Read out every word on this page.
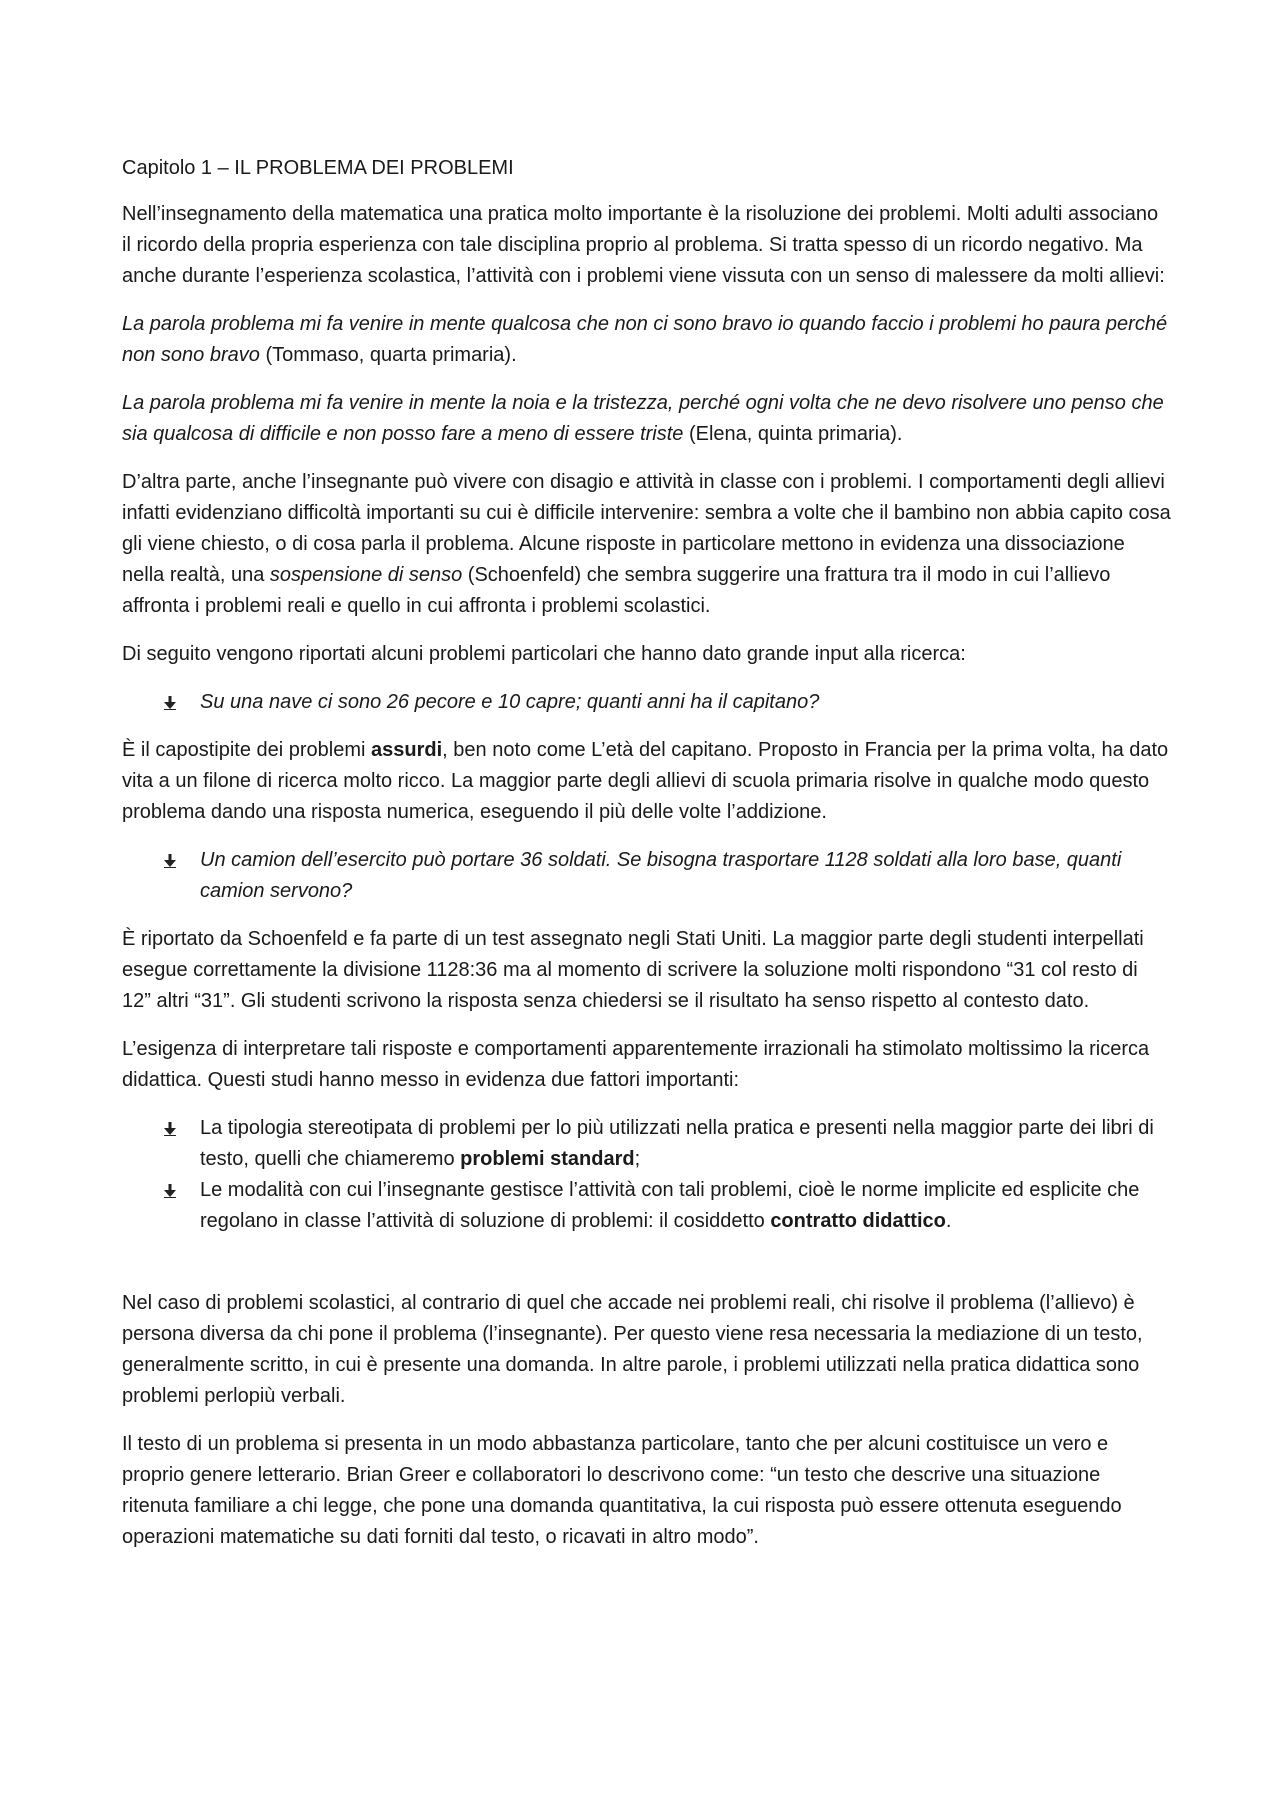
Capitolo 1 – IL PROBLEMA DEI PROBLEMI

Nell’insegnamento della matematica una pratica molto importante è la risoluzione dei problemi. Molti adulti associano il ricordo della propria esperienza con tale disciplina proprio al problema. Si tratta spesso di un ricordo negativo. Ma anche durante l’esperienza scolastica, l’attività con i problemi viene vissuta con un senso di malessere da molti allievi:

La parola problema mi fa venire in mente qualcosa che non ci sono bravo io quando faccio i problemi ho paura perché non sono bravo (Tommaso, quarta primaria).

La parola problema mi fa venire in mente la noia e la tristezza, perché ogni volta che ne devo risolvere uno penso che sia qualcosa di difficile e non posso fare a meno di essere triste (Elena, quinta primaria).

D’altra parte, anche l’insegnante può vivere con disagio e attività in classe con i problemi. I comportamenti degli allievi infatti evidenziano difficoltà importanti su cui è difficile intervenire: sembra a volte che il bambino non abbia capito cosa gli viene chiesto, o di cosa parla il problema. Alcune risposte in particolare mettono in evidenza una dissociazione nella realtà, una sospensione di senso (Schoenfeld) che sembra suggerire una frattura tra il modo in cui l’allievo affronta i problemi reali e quello in cui affronta i problemi scolastici.

Di seguito vengono riportati alcuni problemi particolari che hanno dato grande input alla ricerca:

Su una nave ci sono 26 pecore e 10 capre; quanti anni ha il capitano?

È il capostipite dei problemi assurdi, ben noto come L’età del capitano. Proposto in Francia per la prima volta, ha dato vita a un filone di ricerca molto ricco. La maggior parte degli allievi di scuola primaria risolve in qualche modo questo problema dando una risposta numerica, eseguendo il più delle volte l’addizione.

Un camion dell’esercito può portare 36 soldati. Se bisogna trasportare 1128 soldati alla loro base, quanti camion servono?

È riportato da Schoenfeld e fa parte di un test assegnato negli Stati Uniti. La maggior parte degli studenti interpellati esegue correttamente la divisione 1128:36 ma al momento di scrivere la soluzione molti rispondono “31 col resto di 12” altri “31”. Gli studenti scrivono la risposta senza chiedersi se il risultato ha senso rispetto al contesto dato.

L’esigenza di interpretare tali risposte e comportamenti apparentemente irrazionali ha stimolato moltissimo la ricerca didattica. Questi studi hanno messo in evidenza due fattori importanti:

La tipologia stereotipata di problemi per lo più utilizzati nella pratica e presenti nella maggior parte dei libri di testo, quelli che chiameremo problemi standard;
Le modalità con cui l’insegnante gestisce l’attività con tali problemi, cioè le norme implicite ed esplicite che regolano in classe l’attività di soluzione di problemi: il cosiddetto contratto didattico.

Nel caso di problemi scolastici, al contrario di quel che accade nei problemi reali, chi risolve il problema (l’allievo) è persona diversa da chi pone il problema (l’insegnante). Per questo viene resa necessaria la mediazione di un testo, generalmente scritto, in cui è presente una domanda. In altre parole, i problemi utilizzati nella pratica didattica sono problemi perlopiù verbali.

Il testo di un problema si presenta in un modo abbastanza particolare, tanto che per alcuni costituisce un vero e proprio genere letterario. Brian Greer e collaboratori lo descrivono come: “un testo che descrive una situazione ritenuta familiare a chi legge, che pone una domanda quantitativa, la cui risposta può essere ottenuta eseguendo operazioni matematiche su dati forniti dal testo, o ricavati in altro modo”.
